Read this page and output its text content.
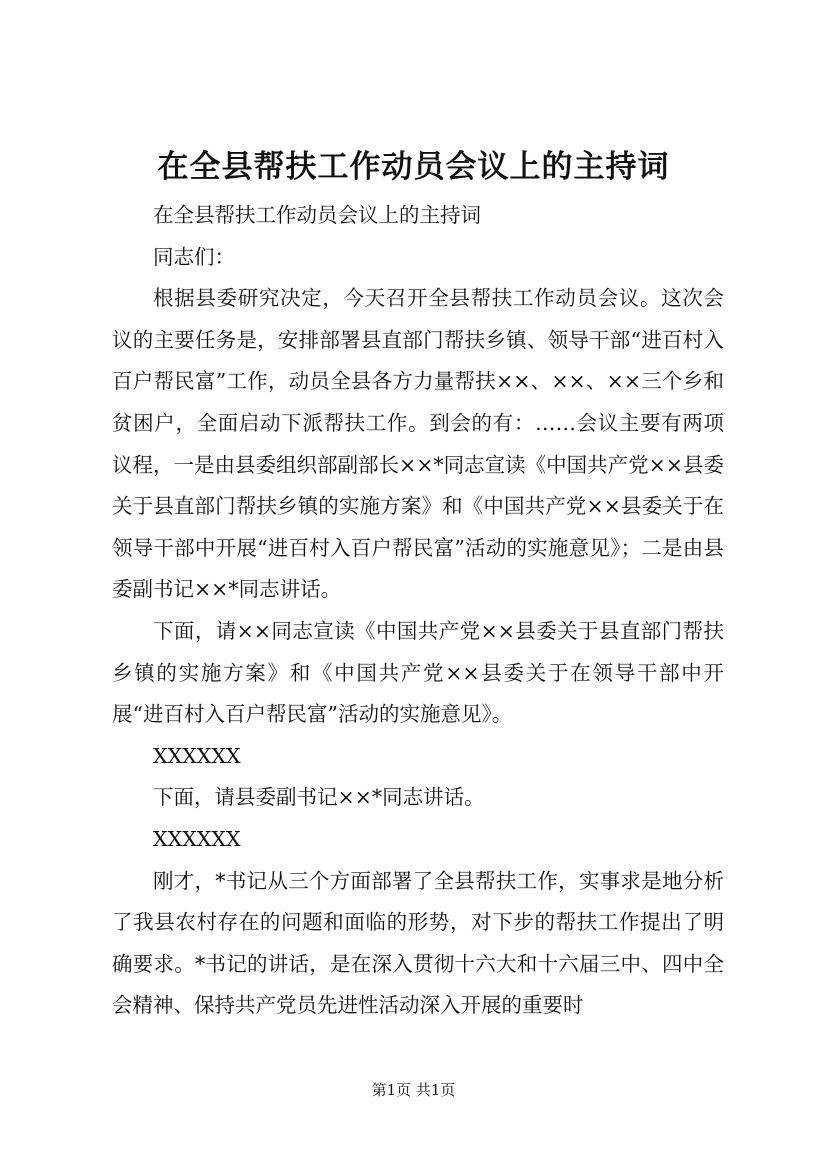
在全县帮扶工作动员会议上的主持词

在全县帮扶工作动员会议上的主持词

同志们：

根据县委研究决定，今天召开全县帮扶工作动员会议。这次会议的主要任务是，安排部署县直部门帮扶乡镇、领导干部“进百村入百户帮民富”工作，动员全县各方力量帮扶××、××、××三个乡和贫困户，全面启动下派帮扶工作。到会的有：……会议主要有两项议程，一是由县委组织部副部长××*同志宣读《中国共产党××县委关于县直部门帮扶乡镇的实施方案》和《中国共产党××县委关于在领导干部中开展“进百村入百户帮民富”活动的实施意见》；二是由县委副书记××*同志讲话。

下面，请××同志宣读《中国共产党××县委关于县直部门帮扶乡镇的实施方案》和《中国共产党××县委关于在领导干部中开展“进百村入百户帮民富”活动的实施意见》。

XXXXXX

下面，请县委副书记××*同志讲话。

XXXXXX

刚才，*书记从三个方面部署了全县帮扶工作，实事求是地分析了我县农村存在的问题和面临的形势，对下步的帮扶工作提出了明确要求。*书记的讲话，是在深入贯彻十六大和十六届三中、四中全会精神、保持共产党员先进性活动深入开展的重要时

第1页 共1页
